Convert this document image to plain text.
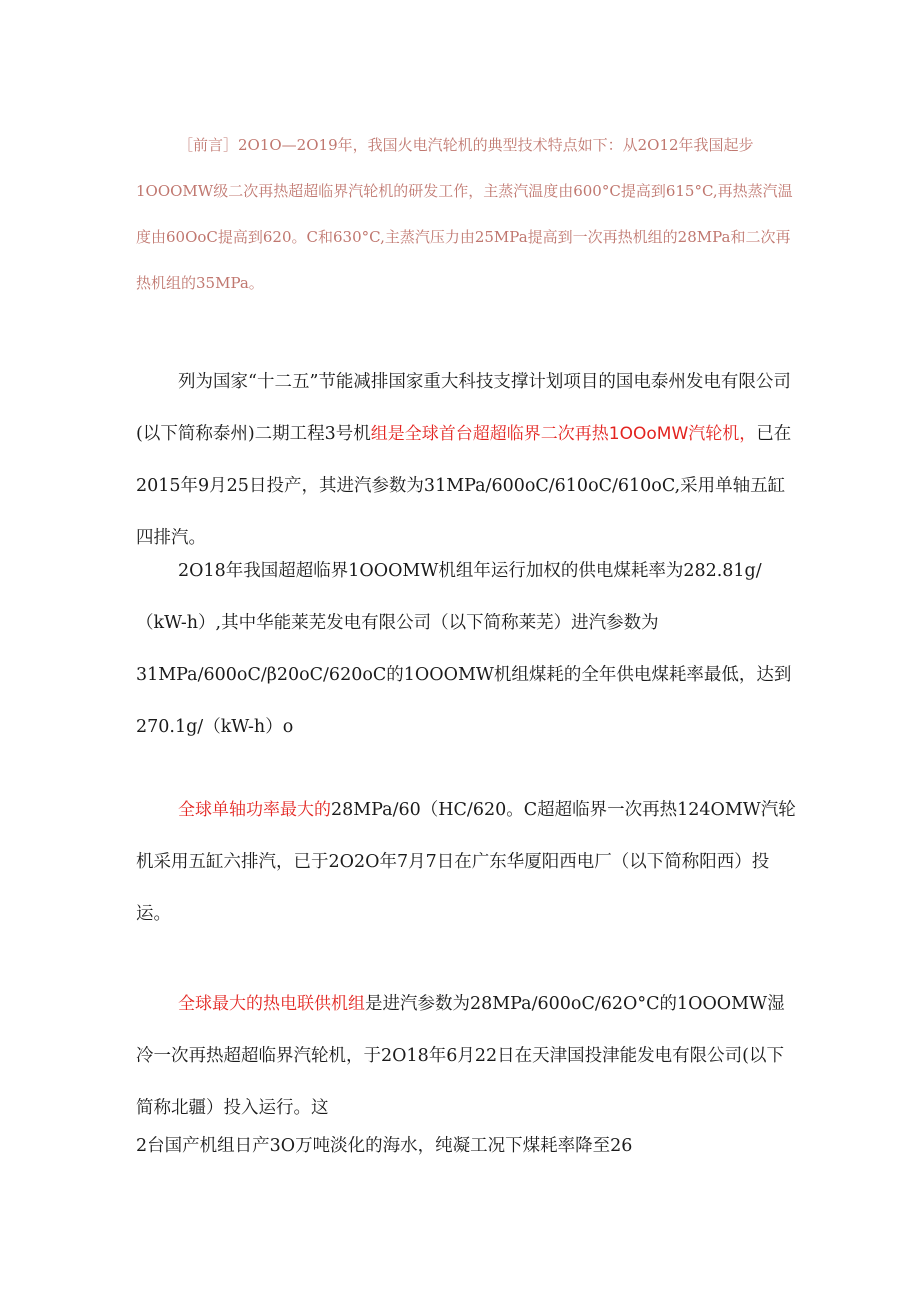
［前言］2O1O—2O19年，我国火电汽轮机的典型技术特点如下：从2O12年我国起步1OOOMW级二次再热超超临界汽轮机的研发工作，主蒸汽温度由600°C提高到615°C,再热蒸汽温度由60OoC提高到620。C和630°C,主蒸汽压力由25MPa提高到一次再热机组的28MPa和二次再热机组的35MPa。

列为国家“十二五”节能减排国家重大科技支撑计划项目的国电泰州发电有限公司(以下简称泰州)二期工程3号机组是全球首台超超临界二次再热1OOoMW汽轮机，已在2015年9月25日投产，其进汽参数为31MPa∕600oC∕610oC∕610oC,采用单轴五缸四排汽。

2O18年我国超超临界1OOOMW机组年运行加权的供电煤耗率为282.81g/（kW-h）,其中华能莱芜发电有限公司（以下简称莱芜）进汽参数为31MPa∕600oC∕β20oC∕620oC的1OOOMW机组煤耗的全年供电煤耗率最低，达到270.1g/（kW-h）o

全球单轴功率最大的28MPa∕60（HC∕620。C超超临界一次再热124OMW汽轮机采用五缸六排汽，已于2O2O年7月7日在广东华厦阳西电厂（以下简称阳西）投运。

全球最大的热电联供机组是进汽参数为28MPa∕600oC∕62O°C的1OOOMW湿冷一次再热超超临界汽轮机，于2O18年6月22日在天津国投津能发电有限公司(以下简称北疆）投入运行。这

2台国产机组日产3O万吨淡化的海水，纯凝工况下煤耗率降至26
